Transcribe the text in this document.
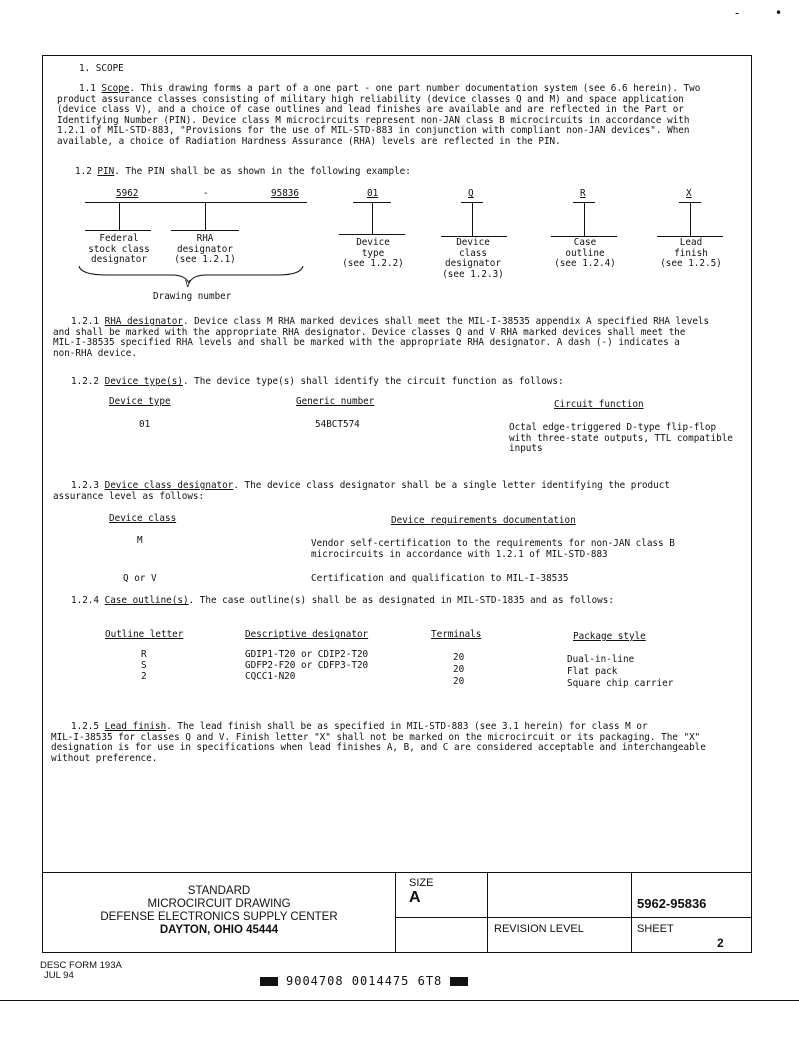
-	•
1. SCOPE

1.1 Scope. This drawing forms a part of a one part - one part number documentation system (see 6.6 herein). Two

product assurance classes consisting of military high reliability (device classes Q and M) and space application

(device class V), and a choice of case outlines and lead finishes are available and are reflected in the Part or

Identifying Number (PIN). Device class M microcircuits represent non-JAN class B microcircuits in accordance with

1.2.1 of MIL-STD-883, "Provisions for the use of MIL-STD-883 in conjunction with compliant non-JAN devices". When

available, a choice of Radiation Hardness Assurance (RHA) levels are reflected in the PIN.

1.2 PIN. The PIN shall be as shown in the following example:
5962	-	95836	01	Q	R	X
Federal
stock class
designator
RHA
designator
(see 1.2.1)
Device
type
(see 1.2.2)
Device
class
designator
(see 1.2.3)
Case
outline
(see 1.2.4)
Lead
finish
(see 1.2.5)
V
Drawing number

1.2.1 RHA designator. Device class M RHA marked devices shall meet the MIL-I-38535 appendix A specified RHA levels

and shall be marked with the appropriate RHA designator. Device classes Q and V RHA marked devices shall meet the

MIL-I-38535 specified RHA levels and shall be marked with the appropriate RHA designator. A dash (-) indicates a

non-RHA device.

1.2.2 Device type(s). The device type(s) shall identify the circuit function as follows:
Device type	Generic number	Circuit function
01	54BCT574	Octal edge-triggered D-type flip-flop
with three-state outputs, TTL compatible
inputs

1.2.3 Device class designator. The device class designator shall be a single letter identifying the product

assurance level as follows:

Device class	Device requirements documentation
M	Vendor self-certification to the requirements for non-JAN class B
microcircuits in accordance with 1.2.1 of MIL-STD-883
Q or V	Certification and qualification to MIL-I-38535
1.2.4 Case outline(s). The case outline(s) shall be as designated in MIL-STD-1835 and as follows:
Outline letter	Descriptive designator	Terminals	Package style
R	GDIP1-T20 or CDIP2-T20	20	Dual-in-line
S	GDFP2-F20 or CDFP3-T20	20	Flat pack
2	CQCC1-N20	20	Square chip carrier

1.2.5 Lead finish. The lead finish shall be as specified in MIL-STD-883 (see 3.1 herein) for class M or

MIL-I-38535 for classes Q and V. Finish letter "X" shall not be marked on the microcircuit or its packaging. The "X"

designation is for use in specifications when lead finishes A, B, and C are considered acceptable and interchangeable

without preference.

STANDARD
MICROCIRCUIT DRAWING
DEFENSE ELECTRONICS SUPPLY CENTER
DAYTON, OHIO 45444
SIZE
A	5962-95836
REVISION LEVEL	SHEET
2
DESC FORM 193A
JUL 94	9004708 0014475 6T8
